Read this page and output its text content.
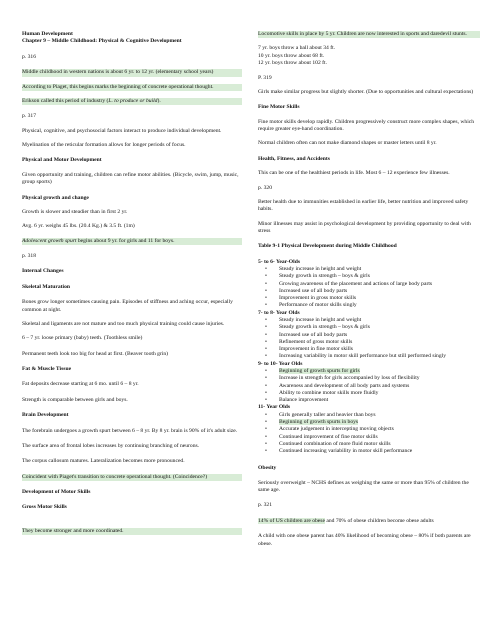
Human Development

Chapter 9 – Middle Childhood: Physical & Cognitive Development

p. 316

Middle childhood in western nations is about 6 yr. to 12 yr. (elementary school years)

According to Piaget, this begins marks the beginning of concrete operational thought.

Erikson called this period of industry (L. to produce or build).

p. 317

Physical, cognitive, and psychosocial factors interact to produce individual development.

Myelination of the reticular formation allows for longer periods of focus.

Physical and Motor Development

Given opportunity and training, children can refine motor abilities. (Bicycle, swim, jump, music, group sports)

Physical growth and change

Growth is slower and steadier than in first 2 yr.

Avg. 6 yr. weighs 45 lbs. (20.4 Kg.) & 3.5 ft. (1m)

Adolescent growth spurt begins about 9 yr. for girls and 11 for boys.

p. 318

Internal Changes

Skeletal Maturation

Bones grow longer sometimes causing pain. Episodes of stiffness and aching occur, especially common at night.

Skeletal and ligaments are not mature and too much physical training could cause injuries.

6 – 7 yr. loose primary (baby) teeth. (Toothless smile)

Permanent teeth look too big for head at first. (Beaver tooth grin)

Fat & Muscle Tissue

Fat deposits decrease starting at 6 mo. until 6 – 8 yr.

Strength is comparable between girls and boys.

Brain Development

The forebrain undergoes a growth spurt between 6 – 8 yr. By 8 yr. brain is 90% of it's adult size.

The surface area of frontal lobes increases by continuing branching of neurons.

The corpus callosum matures. Lateralization becomes more pronounced.

Coincident with Piaget's transition to concrete operational thought. (Coincidence?)

Development of Motor Skills

Gross Motor Skills

They become stronger and more coordinated.

Locomotive skills in place by 5 yr. Children are now interested in sports and daredevil stunts.

7 yr. boys throw a ball about 34 ft.

10 yr. boys throw about 68 ft.

12 yr. boys throw about 102 ft.

P. 319

Girls make similar progress but slightly shorter. (Due to opportunities and cultural expectations)

Fine Motor Skills

Fine motor skills develop rapidly. Children progressively construct more complex shapes, which require greater eye-hand coordination.

Normal children often can not make diamond shapes or master letters until 8 yr.

Health, Fitness, and Accidents

This can be one of the healthiest periods in life. Most 6 – 12 experience few illnesses.

p. 320

Better health due to immunities established in earlier life, better nutrition and improved safety habits.

Minor illnesses may assist in psychological development by providing opportunity to deal with stress

Table 9-1 Physical Development during Middle Childhood

5- to 6- Year-Olds

• Steady increase in height and weight
• Steady growth in strength – boys & girls
• Growing awareness of the placement and actions of large body parts
• Increased use of all body parts
• Improvement in gross motor skills
• Performance of motor skills singly

7- to 8- Year Olds

• Steady increase in height and weight
• Steady growth in strength – boys & girls
• Increased use of all body parts
• Refinement of gross motor skills
• Improvement in fine motor skills
• Increasing variability in motor skill performance but still performed singly

9- to 10- Year Olds

• Beginning of growth spurts for girls
• Increase in strength for girls accompanied by loss of flexibility
• Awareness and development of all body parts and systems
• Ability to combine motor skills more fluidly
• Balance improvement

11- Year Olds

• Girls generally taller and heavier than boys
• Beginning of growth spurts in boys
• Accurate judgement in intercepting moving objects
• Continued improvement of fine motor skills
• Continued combination of more fluid motor skills
• Continued increasing variability in motor skill performance

Obesity

Seriously overweight – NCHS defines as weighing the same or more than 95% of children the same age.

p. 321

14% of US children are obese and 70% of obese children become obese adults

A child with one obese parent has 40% likelihood of becoming obese – 80% if both parents are obese.
